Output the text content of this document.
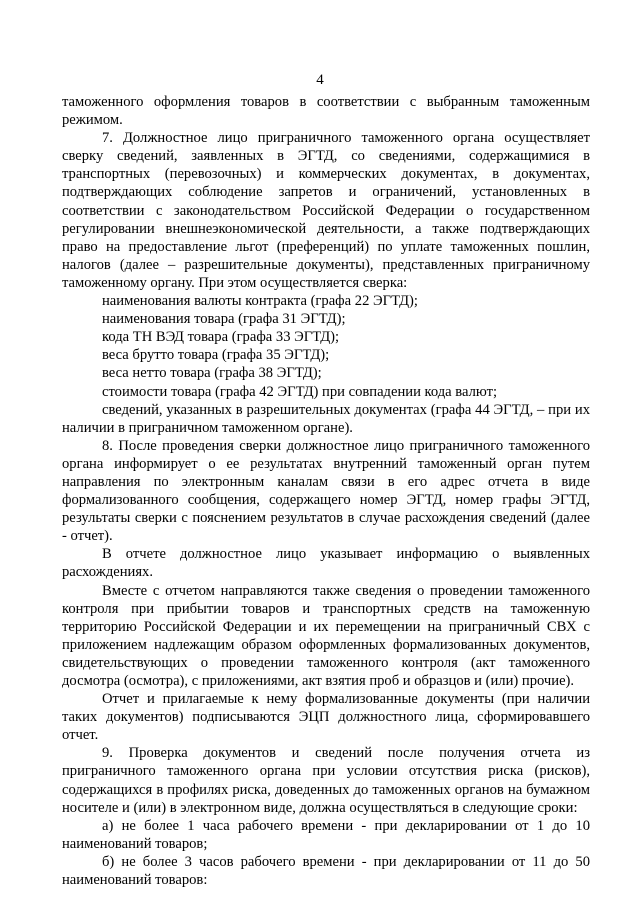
4

таможенного оформления товаров в соответствии с выбранным таможенным режимом.

7. Должностное лицо приграничного таможенного органа осуществляет сверку сведений, заявленных в ЭГТД, со сведениями, содержащимися в транспортных (перевозочных) и коммерческих документах, в документах, подтверждающих соблюдение запретов и ограничений, установленных в соответствии с законодательством Российской Федерации о государственном регулировании внешнеэкономической деятельности, а также подтверждающих право на предоставление льгот (преференций) по уплате таможенных пошлин, налогов (далее – разрешительные документы), представленных приграничному таможенному органу. При этом осуществляется сверка:

наименования валюты контракта (графа 22 ЭГТД);

наименования товара (графа 31 ЭГТД);

кода ТН ВЭД товара (графа 33 ЭГТД);

веса брутто товара (графа 35 ЭГТД);

веса нетто товара (графа 38 ЭГТД);

стоимости товара (графа 42 ЭГТД) при совпадении кода валют;

сведений, указанных в разрешительных документах (графа 44 ЭГТД, – при их наличии в приграничном таможенном органе).

8. После проведения сверки должностное лицо приграничного таможенного органа информирует о ее результатах внутренний таможенный орган путем направления по электронным каналам связи в его адрес отчета в виде формализованного сообщения, содержащего номер ЭГТД, номер графы ЭГТД, результаты сверки с пояснением результатов в случае расхождения сведений (далее - отчет).

В отчете должностное лицо указывает информацию о выявленных расхождениях.

Вместе с отчетом направляются также сведения о проведении таможенного контроля при прибытии товаров и транспортных средств на таможенную территорию Российской Федерации и их перемещении на приграничный СВХ с приложением надлежащим образом оформленных формализованных документов, свидетельствующих о проведении таможенного контроля (акт таможенного досмотра (осмотра), с приложениями, акт взятия проб и образцов и (или) прочие).

Отчет и прилагаемые к нему формализованные документы (при наличии таких документов) подписываются ЭЦП должностного лица, сформировавшего отчет.

9. Проверка документов и сведений после получения отчета из приграничного таможенного органа при условии отсутствия риска (рисков), содержащихся в профилях риска, доведенных до таможенных органов на бумажном носителе и (или) в электронном виде, должна осуществляться в следующие сроки:

а) не более 1 часа рабочего времени - при декларировании от 1 до 10 наименований товаров;

б) не более 3 часов рабочего времени - при декларировании от 11 до 50 наименований товаров:
